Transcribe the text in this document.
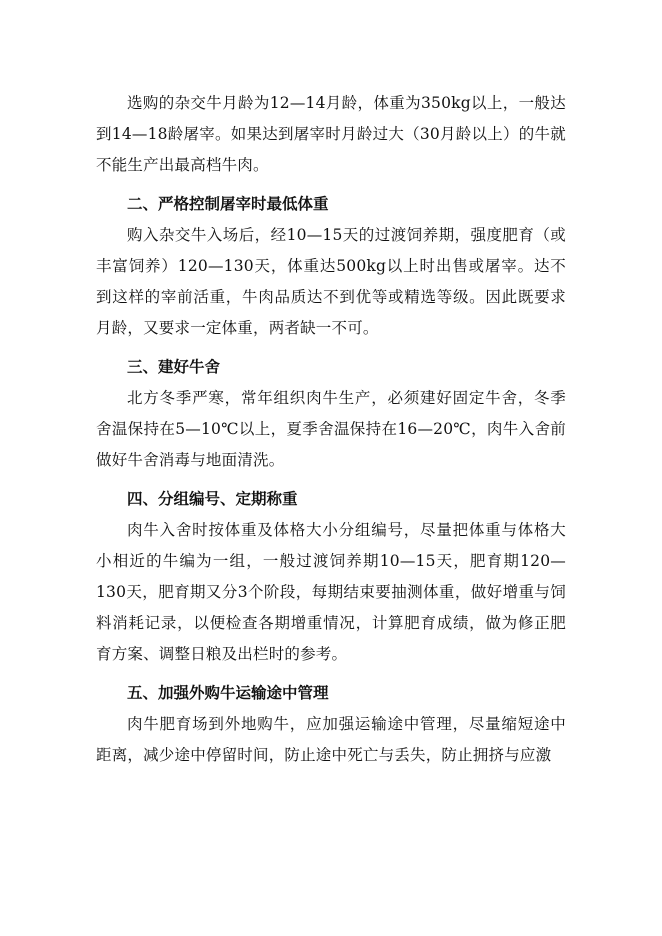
选购的杂交牛月龄为12—14月龄，体重为350kg以上，一般达到14—18龄屠宰。如果达到屠宰时月龄过大（30月龄以上）的牛就不能生产出最高档牛肉。

二、严格控制屠宰时最低体重

购入杂交牛入场后，经10—15天的过渡饲养期，强度肥育（或丰富饲养）120—130天，体重达500kg以上时出售或屠宰。达不到这样的宰前活重，牛肉品质达不到优等或精选等级。因此既要求月龄，又要求一定体重，两者缺一不可。

三、建好牛舍

北方冬季严寒，常年组织肉牛生产，必须建好固定牛舍，冬季舍温保持在5—10℃以上，夏季舍温保持在16—20℃，肉牛入舍前做好牛舍消毒与地面清洗。

四、分组编号、定期称重

肉牛入舍时按体重及体格大小分组编号，尽量把体重与体格大小相近的牛编为一组，一般过渡饲养期10—15天，肥育期120—130天，肥育期又分3个阶段，每期结束要抽测体重，做好增重与饲料消耗记录，以便检查各期增重情况，计算肥育成绩，做为修正肥育方案、调整日粮及出栏时的参考。

五、加强外购牛运输途中管理

肉牛肥育场到外地购牛，应加强运输途中管理，尽量缩短途中距离，减少途中停留时间，防止途中死亡与丢失，防止拥挤与应激
